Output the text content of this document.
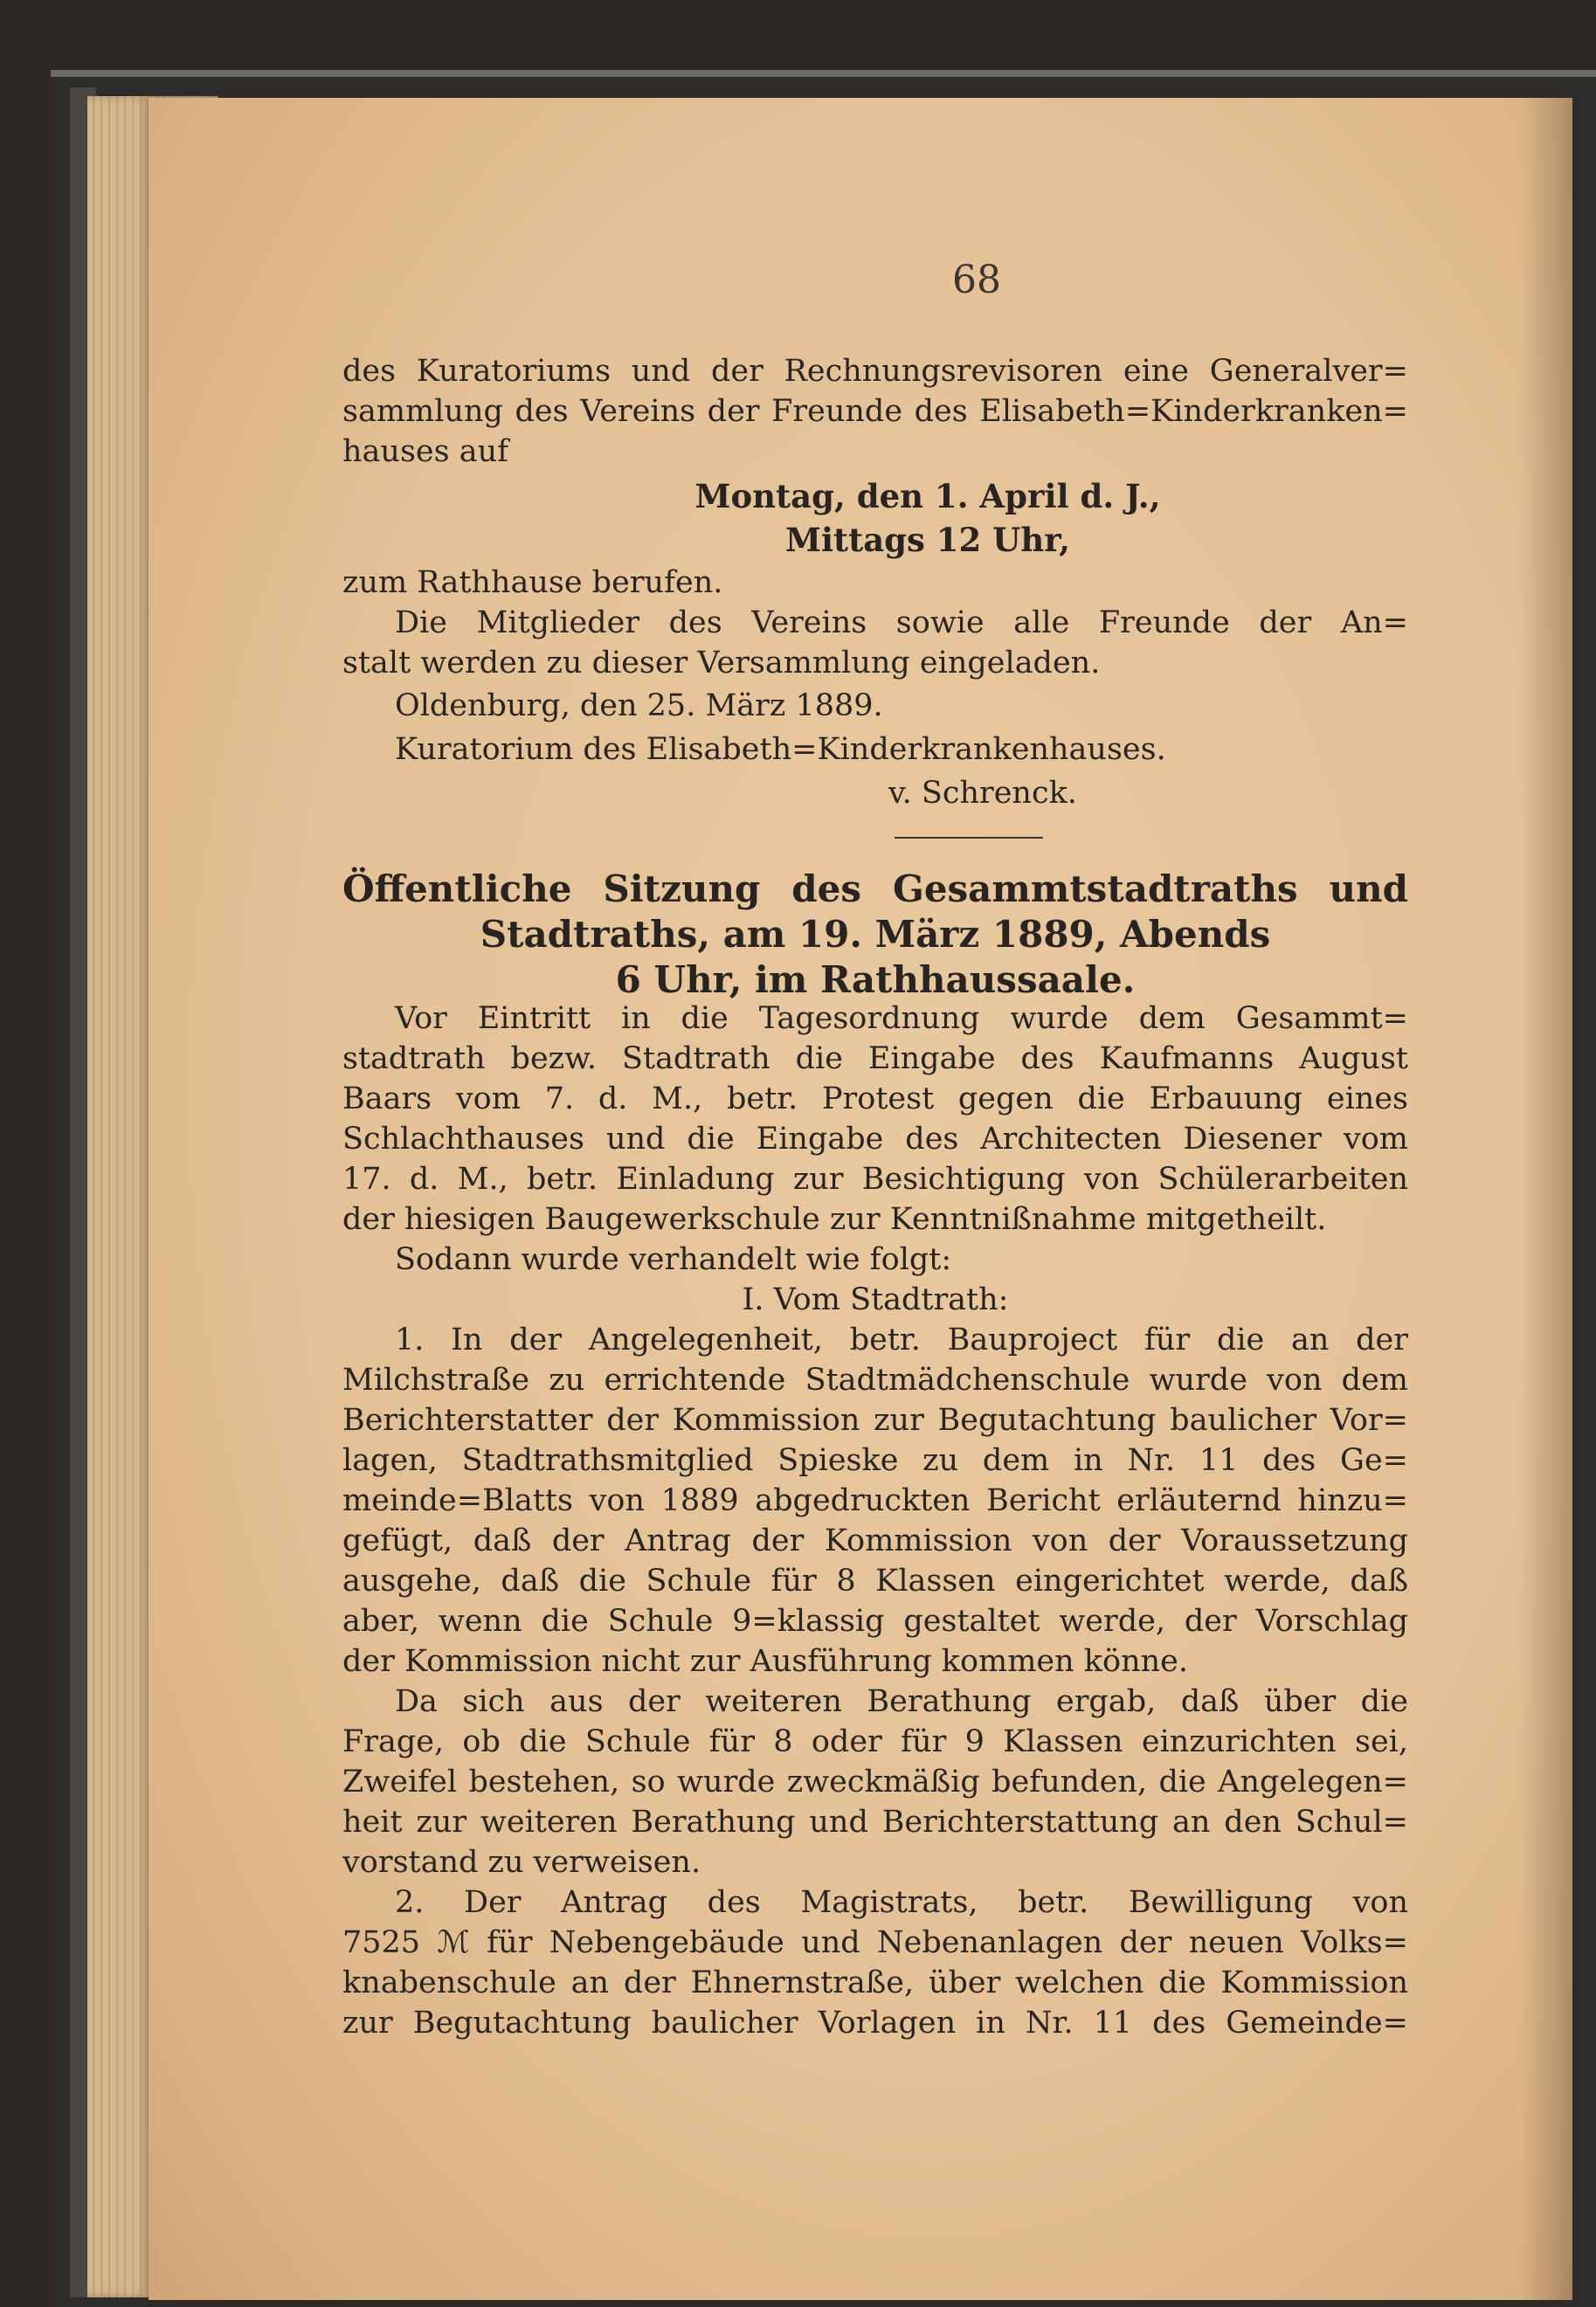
68
des Kuratoriums und der Rechnungsrevisoren eine Generalver=
sammlung des Vereins der Freunde des Elisabeth=Kinderkranken=
hauses auf
Montag, den 1. April d. J.,
Mittags 12 Uhr,
zum Rathhause berufen.
Die Mitglieder des Vereins sowie alle Freunde der An=
stalt werden zu dieser Versammlung eingeladen.
Oldenburg, den 25. März 1889.
Kuratorium des Elisabeth=Kinderkrankenhauses.
v. Schrenck.
Öffentliche Sitzung des Gesammtstadtraths und
Stadtraths, am 19. März 1889, Abends
6 Uhr, im Rathhaussaale.
Vor Eintritt in die Tagesordnung wurde dem Gesammt=
stadtrath bezw. Stadtrath die Eingabe des Kaufmanns August
Baars vom 7. d. M., betr. Protest gegen die Erbauung eines
Schlachthauses und die Eingabe des Architecten Diesener vom
17. d. M., betr. Einladung zur Besichtigung von Schülerarbeiten
der hiesigen Baugewerkschule zur Kenntnißnahme mitgetheilt.
Sodann wurde verhandelt wie folgt:
I. Vom Stadtrath:
1. In der Angelegenheit, betr. Bauproject für die an der
Milchstraße zu errichtende Stadtmädchenschule wurde von dem
Berichterstatter der Kommission zur Begutachtung baulicher Vor=
lagen, Stadtrathsmitglied Spieske zu dem in Nr. 11 des Ge=
meinde=Blatts von 1889 abgedruckten Bericht erläuternd hinzu=
gefügt, daß der Antrag der Kommission von der Voraussetzung
ausgehe, daß die Schule für 8 Klassen eingerichtet werde, daß
aber, wenn die Schule 9=klassig gestaltet werde, der Vorschlag
der Kommission nicht zur Ausführung kommen könne.
Da sich aus der weiteren Berathung ergab, daß über die
Frage, ob die Schule für 8 oder für 9 Klassen einzurichten sei,
Zweifel bestehen, so wurde zweckmäßig befunden, die Angelegen=
heit zur weiteren Berathung und Berichterstattung an den Schul=
vorstand zu verweisen.
2. Der Antrag des Magistrats, betr. Bewilligung von
7525 ℳ für Nebengebäude und Nebenanlagen der neuen Volks=
knabenschule an der Ehnernstraße, über welchen die Kommission
zur Begutachtung baulicher Vorlagen in Nr. 11 des Gemeinde=
